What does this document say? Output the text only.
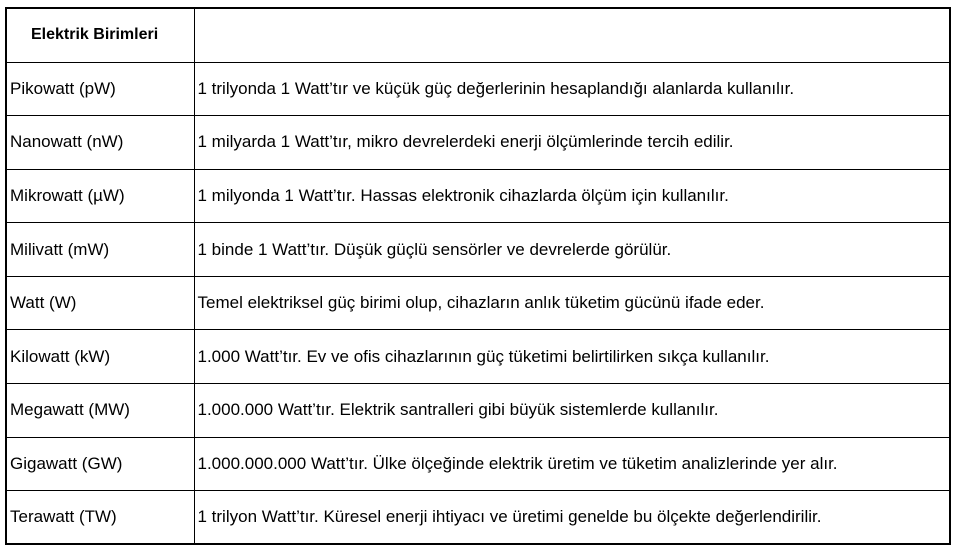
Elektrik Birimleri	
Pikowatt (pW)	1 trilyonda 1 Watt’tır ve küçük güç değerlerinin hesaplandığı alanlarda kullanılır.
Nanowatt (nW)	1 milyarda 1 Watt’tır, mikro devrelerdeki enerji ölçümlerinde tercih edilir.
Mikrowatt (µW)	1 milyonda 1 Watt’tır. Hassas elektronik cihazlarda ölçüm için kullanılır.
Milivatt (mW)	1 binde 1 Watt’tır. Düşük güçlü sensörler ve devrelerde görülür.
Watt (W)	Temel elektriksel güç birimi olup, cihazların anlık tüketim gücünü ifade eder.
Kilowatt (kW)	1.000 Watt’tır. Ev ve ofis cihazlarının güç tüketimi belirtilirken sıkça kullanılır.
Megawatt (MW)	1.000.000 Watt’tır. Elektrik santralleri gibi büyük sistemlerde kullanılır.
Gigawatt (GW)	1.000.000.000 Watt’tır. Ülke ölçeğinde elektrik üretim ve tüketim analizlerinde yer alır.
Terawatt (TW)	1 trilyon Watt’tır. Küresel enerji ihtiyacı ve üretimi genelde bu ölçekte değerlendirilir.
